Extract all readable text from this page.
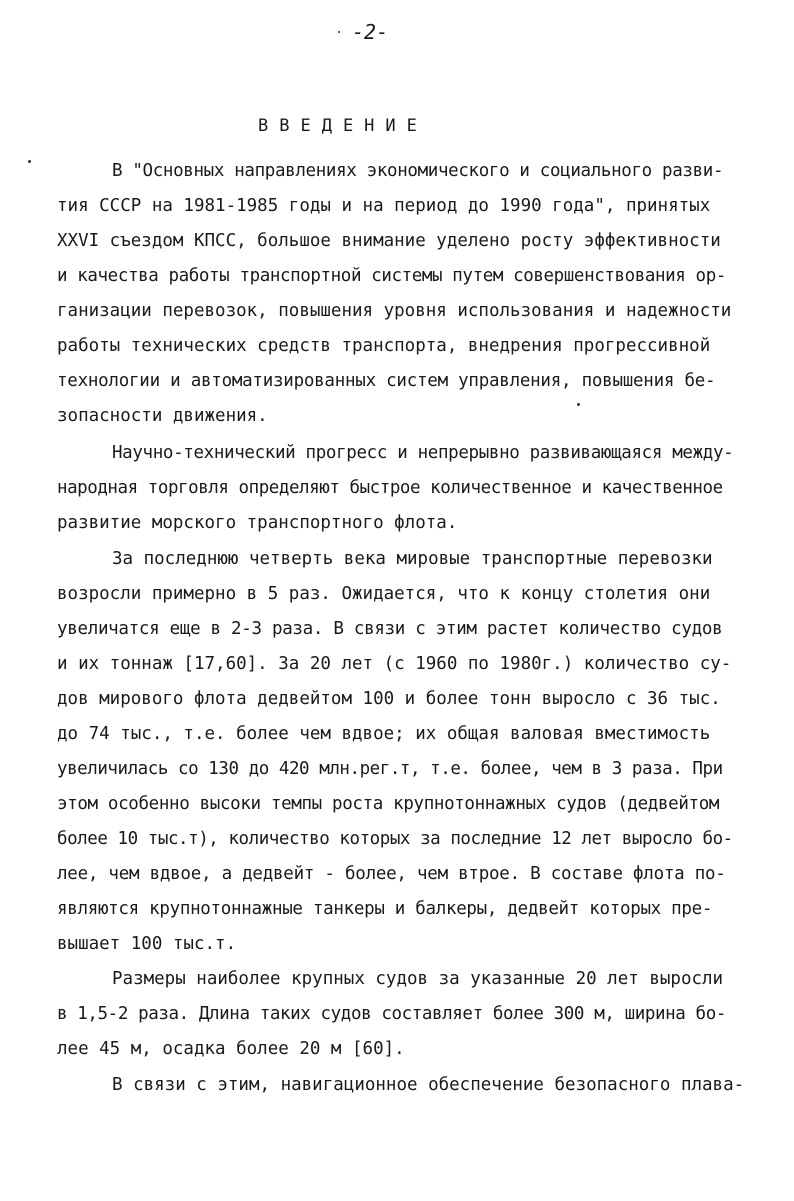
-2-
ВВЕДЕНИЕ
В "Основных направлениях экономического и социального разви-
тия СССР на 1981-1985 годы и на период до 1990 года", принятых
XXVI съездом КПСС, большое внимание уделено росту эффективности
и качества работы транспортной системы путем совершенствования ор-
ганизации перевозок, повышения уровня использования и надежности
работы технических средств транспорта, внедрения прогрессивной
технологии и автоматизированных систем управления, повышения бе-
зопасности движения.
Научно-технический прогресс и непрерывно развивающаяся между-
народная торговля определяют быстрое количественное и качественное
развитие морского транспортного флота.
За последнюю четверть века мировые транспортные перевозки
возросли примерно в 5 раз. Ожидается, что к концу столетия они
увеличатся еще в 2-3 раза. В связи с этим растет количество судов
и их тоннаж [17,60]. За 20 лет (с 1960 по 1980г.) количество су-
дов мирового флота дедвейтом 100 и более тонн выросло с 36 тыс.
до 74 тыс., т.е. более чем вдвое; их общая валовая вместимость
увеличилась со 130 до 420 млн.рег.т, т.е. более, чем в 3 раза. При
этом особенно высоки темпы роста крупнотоннажных судов (дедвейтом
более 10 тыс.т), количество которых за последние 12 лет выросло бо-
лее, чем вдвое, а дедвейт - более, чем втрое. В составе флота по-
являются крупнотоннажные танкеры и балкеры, дедвейт которых пре-
вышает 100 тыс.т.
Размеры наиболее крупных судов за указанные 20 лет выросли
в 1,5-2 раза. Длина таких судов составляет более 300 м, ширина бо-
лее 45 м, осадка более 20 м [60].
В связи с этим, навигационное обеспечение безопасного плава-
